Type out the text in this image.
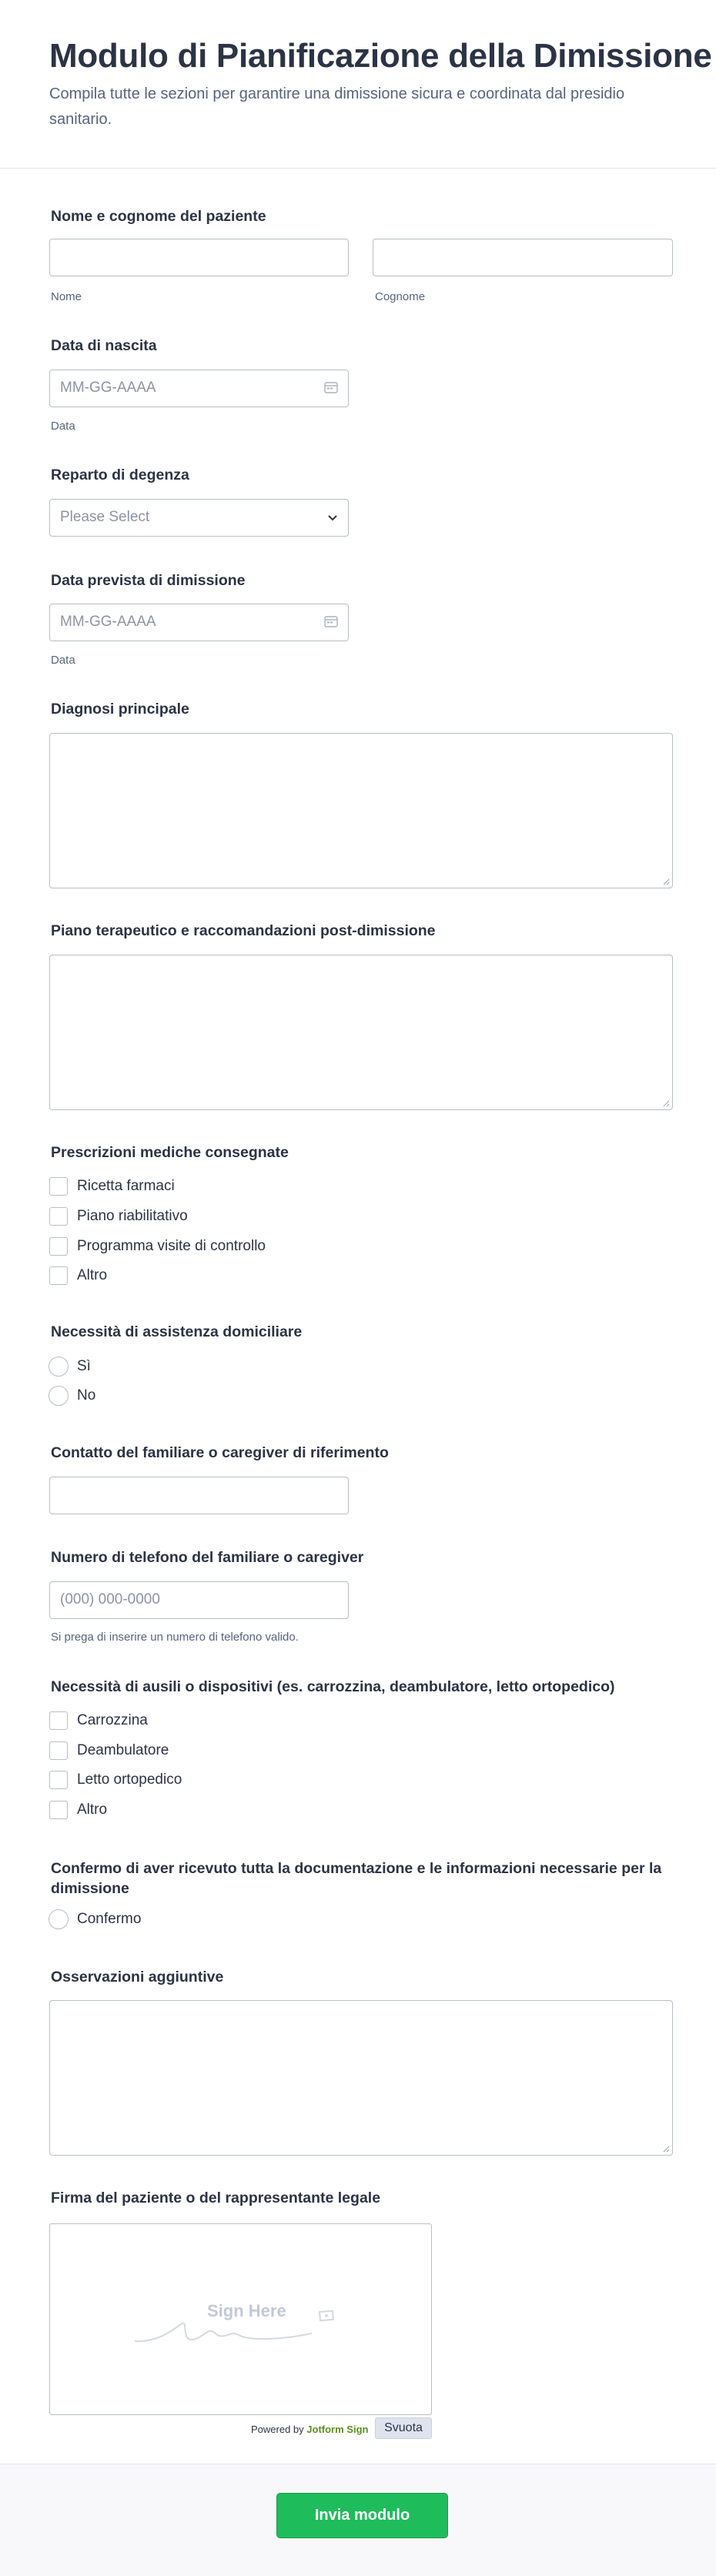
Modulo di Pianificazione della Dimissione
Compila tutte le sezioni per garantire una dimissione sicura e coordinata dal presidio sanitario.
Nome e cognome del paziente
Nome	Cognome
Data di nascita
MM-GG-AAAA
Data
Reparto di degenza
Please Select
Data prevista di dimissione
MM-GG-AAAA
Data
Diagnosi principale
Piano terapeutico e raccomandazioni post-dimissione
Prescrizioni mediche consegnate
Ricetta farmaci
Piano riabilitativo
Programma visite di controllo
Altro
Necessità di assistenza domiciliare
Sì
No
Contatto del familiare o caregiver di riferimento
Numero di telefono del familiare o caregiver
(000) 000-0000
Si prega di inserire un numero di telefono valido.
Necessità di ausili o dispositivi (es. carrozzina, deambulatore, letto ortopedico)
Carrozzina
Deambulatore
Letto ortopedico
Altro
Confermo di aver ricevuto tutta la documentazione e le informazioni necessarie per la dimissione
Confermo
Osservazioni aggiuntive
Firma del paziente o del rappresentante legale
Sign Here
Powered by Jotform Sign	Svuota
Invia modulo
